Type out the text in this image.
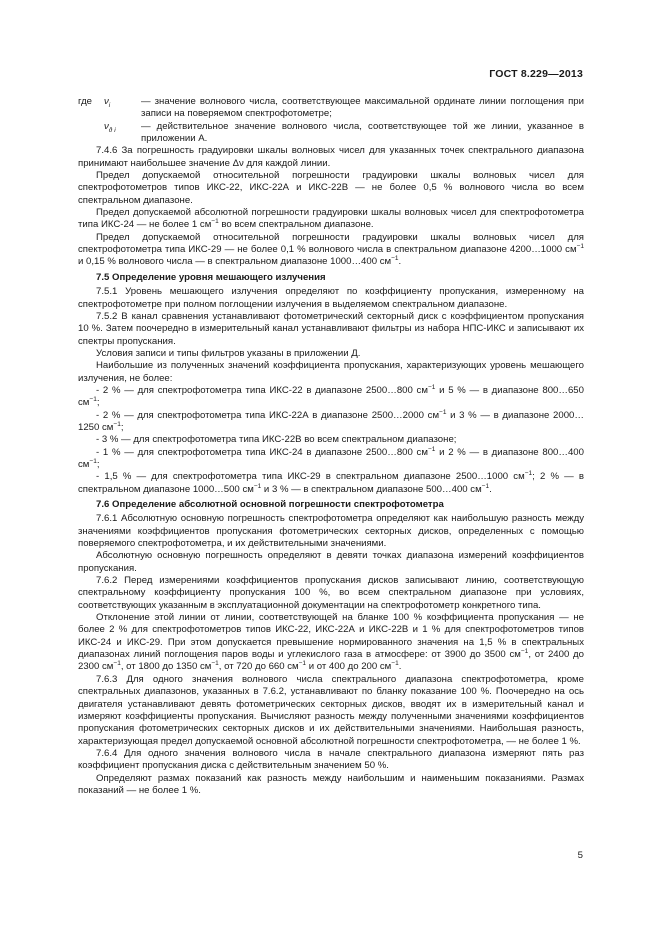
ГОСТ 8.229—2013
где $\nu_i$	— значение волнового числа, соответствующее максимальной ординате линии поглощения при записи на поверяемом спектрофотометре;
$\nu_{д i}$	— действительное значение волнового числа, соответствующее той же линии, указанное в приложении А.

7.4.6 За погрешность градуировки шкалы волновых чисел для указанных точек спектрального диапазона принимают наибольшее значение Δν для каждой линии.

Предел допускаемой относительной погрешности градуировки шкалы волновых чисел для спектрофотометров типов ИКС-22, ИКС-22А и ИКС-22В — не более 0,5 % волнового числа во всем спектральном диапазоне.

Предел допускаемой абсолютной погрешности градуировки шкалы волновых чисел для спектрофотометра типа ИКС-24 — не более 1 $см^{-1}$ во всем спектральном диапазоне.

Предел допускаемой относительной погрешности градуировки шкалы волновых чисел для спектрофотометра типа ИКС-29 — не более 0,1 % волнового числа в спектральном диапазоне 4200…1000 $см^{-1}$ и 0,15 % волнового числа — в спектральном диапазоне 1000…400 $см^{-1}$.

7.5 Определение уровня мешающего излучения

7.5.1 Уровень мешающего излучения определяют по коэффициенту пропускания, измеренному на спектрофотометре при полном поглощении излучения в выделяемом спектральном диапазоне.

7.5.2 В канал сравнения устанавливают фотометрический секторный диск с коэффициентом пропускания 10 %. Затем поочередно в измерительный канал устанавливают фильтры из набора НПС-ИКС и записывают их спектры пропускания.

Условия записи и типы фильтров указаны в приложении Д.

Наибольшие из полученных значений коэффициента пропускания, характеризующих уровень мешающего излучения, не более:

- 2 % — для спектрофотометра типа ИКС-22 в диапазоне 2500…800 $см^{-1}$ и 5 % — в диапазоне 800…650 $см^{-1}$;

- 2 % — для спектрофотометра типа ИКС-22А в диапазоне 2500…2000 $см^{-1}$ и 3 % — в диапазоне 2000…1250 $см^{-1}$;

- 3 % — для спектрофотометра типа ИКС-22В во всем спектральном диапазоне;

- 1 % — для спектрофотометра типа ИКС-24 в диапазоне 2500…800 $см^{-1}$ и 2 % — в диапазоне 800…400 $см^{-1}$;

- 1,5 % — для спектрофотометра типа ИКС-29 в спектральном диапазоне 2500…1000 $см^{-1}$; 2 % — в спектральном диапазоне 1000…500 $см^{-1}$ и 3 % — в спектральном диапазоне 500…400 $см^{-1}$.

7.6 Определение абсолютной основной погрешности спектрофотометра

7.6.1 Абсолютную основную погрешность спектрофотометра определяют как наибольшую разность между значениями коэффициентов пропускания фотометрических секторных дисков, определенных с помощью поверяемого спектрофотометра, и их действительными значениями.

Абсолютную основную погрешность определяют в девяти точках диапазона измерений коэффициентов пропускания.

7.6.2 Перед измерениями коэффициентов пропускания дисков записывают линию, соответствующую спектральному коэффициенту пропускания 100 %, во всем спектральном диапазоне при условиях, соответствующих указанным в эксплуатационной документации на спектрофотометр конкретного типа.

Отклонение этой линии от линии, соответствующей на бланке 100 % коэффициента пропускания — не более 2 % для спектрофотометров типов ИКС-22, ИКС-22А и ИКС-22В и 1 % для спектрофотометров типов ИКС-24 и ИКС-29. При этом допускается превышение нормированного значения на 1,5 % в спектральных диапазонах линий поглощения паров воды и углекислого газа в атмосфере: от 3900 до 3500 $см^{-1}$, от 2400 до 2300 $см^{-1}$, от 1800 до 1350 $см^{-1}$, от 720 до 660 $см^{-1}$ и от 400 до 200 $см^{-1}$.

7.6.3 Для одного значения волнового числа спектрального диапазона спектрофотометра, кроме спектральных диапазонов, указанных в 7.6.2, устанавливают по бланку показание 100 %. Поочередно на ось двигателя устанавливают девять фотометрических секторных дисков, вводят их в измерительный канал и измеряют коэффициенты пропускания. Вычисляют разность между полученными значениями коэффициентов пропускания фотометрических секторных дисков и их действительными значениями. Наибольшая разность, характеризующая предел допускаемой основной абсолютной погрешности спектрофотометра, — не более 1 %.

7.6.4 Для одного значения волнового числа в начале спектрального диапазона измеряют пять раз коэффициент пропускания диска с действительным значением 50 %.

Определяют размах показаний как разность между наибольшим и наименьшим показаниями. Размах показаний — не более 1 %.

5
